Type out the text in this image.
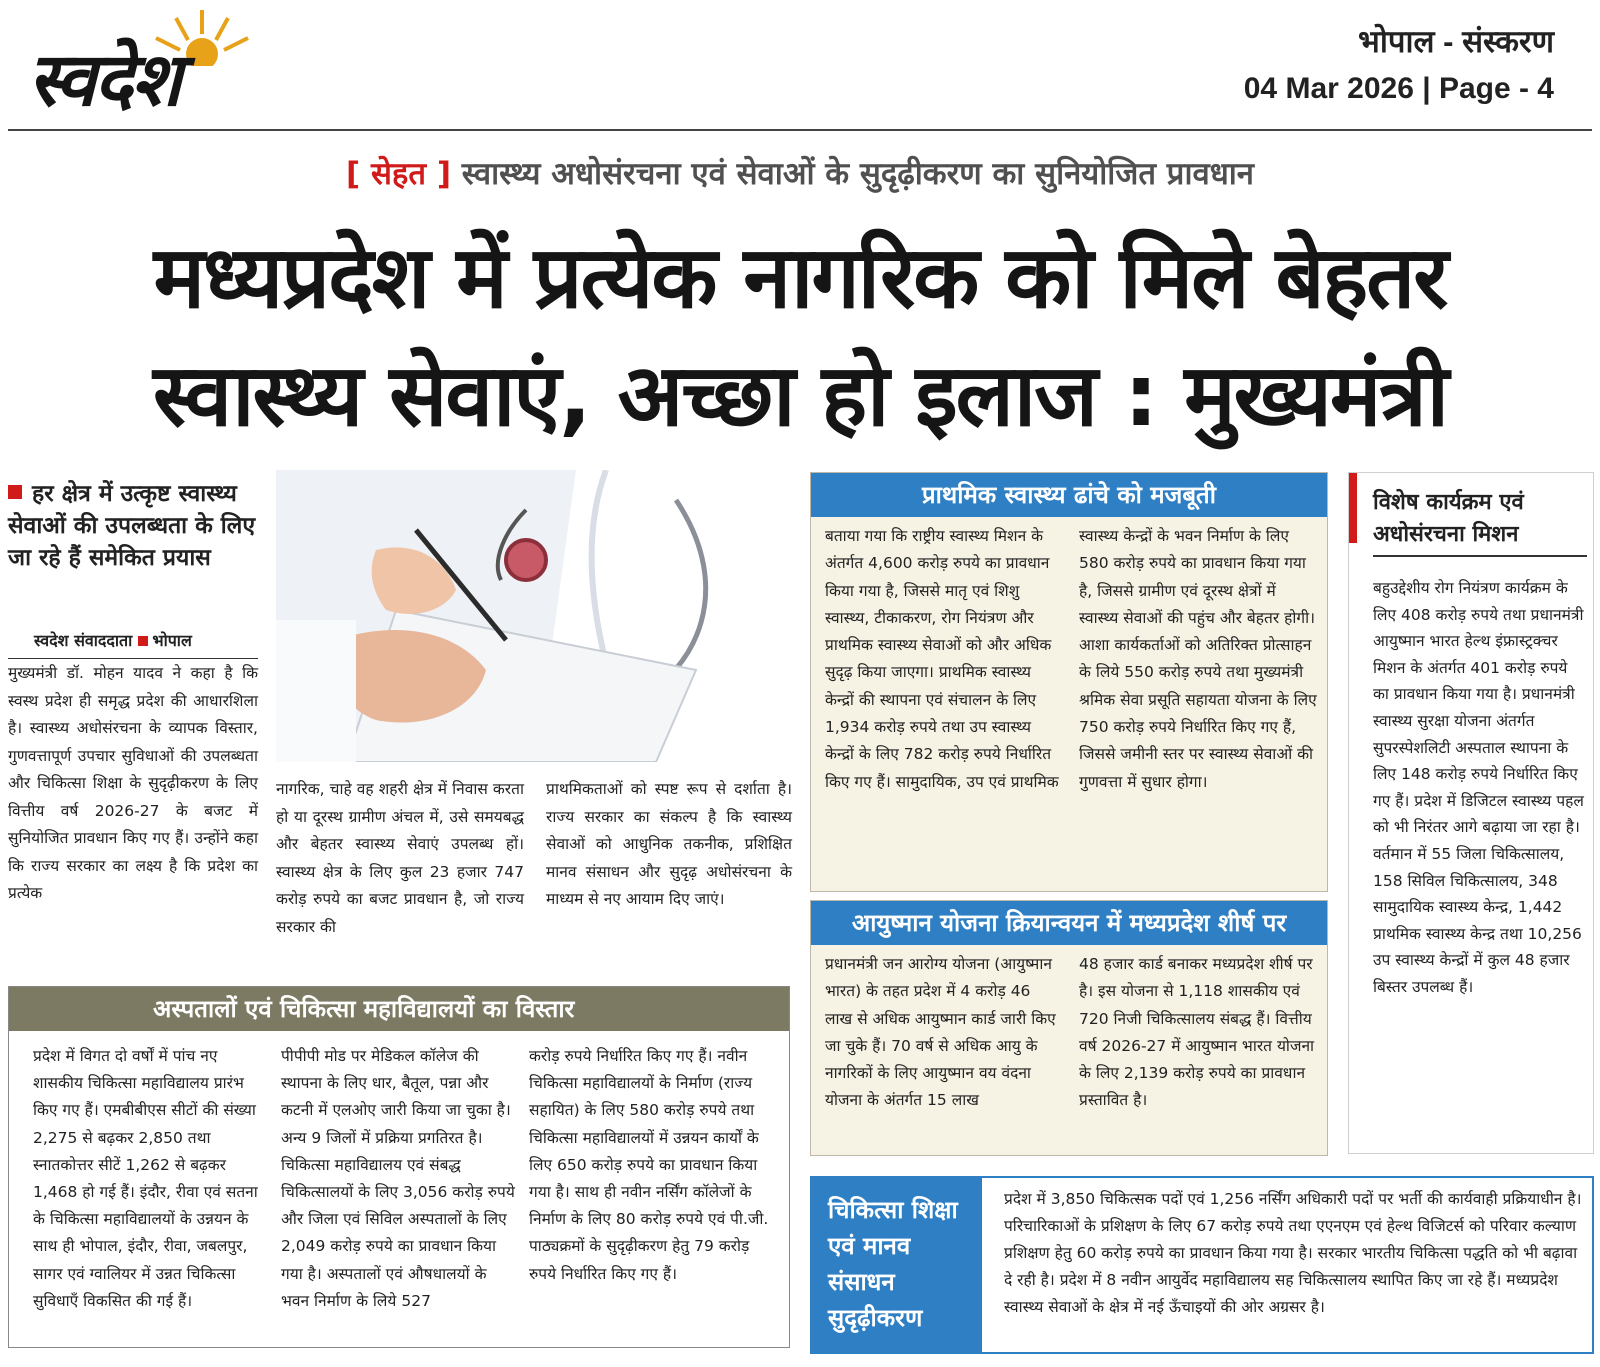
स्वदेश	भोपाल - संस्करण
04 Mar 2026 | Page - 4
[ सेहत ] स्वास्थ्य अधोसंरचना एवं सेवाओं के सुदृढ़ीकरण का सुनियोजित प्रावधान
मध्यप्रदेश में प्रत्येक नागरिक को मिले बेहतर
स्वास्थ्य सेवाएं, अच्छा हो इलाज : मुख्यमंत्री
हर क्षेत्र में उत्कृष्ट स्वास्थ्य सेवाओं की उपलब्धता के लिए जा रहे हैं समेकित प्रयास
स्वदेश संवाददाता भोपाल
मुख्यमंत्री डॉ. मोहन यादव ने कहा है कि स्वस्थ प्रदेश ही समृद्ध प्रदेश की आधारशिला है। स्वास्थ्य अधोसंरचना के व्यापक विस्तार, गुणवत्तापूर्ण उपचार सुविधाओं की उपलब्धता और चिकित्सा शिक्षा के सुदृढ़ीकरण के लिए वित्तीय वर्ष 2026-27 के बजट में सुनियोजित प्रावधान किए गए हैं। उन्होंने कहा कि राज्य सरकार का लक्ष्य है कि प्रदेश का प्रत्येक
नागरिक, चाहे वह शहरी क्षेत्र में निवास करता हो या दूरस्थ ग्रामीण अंचल में, उसे समयबद्ध और बेहतर स्वास्थ्य सेवाएं उपलब्ध हों। स्वास्थ्य क्षेत्र के लिए कुल 23 हजार 747 करोड़ रुपये का बजट प्रावधान है, जो राज्य सरकार की
प्राथमिकताओं को स्पष्ट रूप से दर्शाता है। राज्य सरकार का संकल्प है कि स्वास्थ्य सेवाओं को आधुनिक तकनीक, प्रशिक्षित मानव संसाधन और सुदृढ़ अधोसंरचना के माध्यम से नए आयाम दिए जाएं।
प्राथमिक स्वास्थ्य ढांचे को मजबूती
बताया गया कि राष्ट्रीय स्वास्थ्य मिशन के अंतर्गत 4,600 करोड़ रुपये का प्रावधान किया गया है, जिससे मातृ एवं शिशु स्वास्थ्य, टीकाकरण, रोग नियंत्रण और प्राथमिक स्वास्थ्य सेवाओं को और अधिक सुदृढ़ किया जाएगा। प्राथमिक स्वास्थ्य केन्द्रों की स्थापना एवं संचालन के लिए 1,934 करोड़ रुपये तथा उप स्वास्थ्य केन्द्रों के लिए 782 करोड़ रुपये निर्धारित किए गए हैं। सामुदायिक, उप एवं प्राथमिक
स्वास्थ्य केन्द्रों के भवन निर्माण के लिए 580 करोड़ रुपये का प्रावधान किया गया है, जिससे ग्रामीण एवं दूरस्थ क्षेत्रों में स्वास्थ्य सेवाओं की पहुंच और बेहतर होगी। आशा कार्यकर्ताओं को अतिरिक्त प्रोत्साहन के लिये 550 करोड़ रुपये तथा मुख्यमंत्री श्रमिक सेवा प्रसूति सहायता योजना के लिए 750 करोड़ रुपये निर्धारित किए गए हैं, जिससे जमीनी स्तर पर स्वास्थ्य सेवाओं की गुणवत्ता में सुधार होगा।
आयुष्मान योजना क्रियान्वयन में मध्यप्रदेश शीर्ष पर
प्रधानमंत्री जन आरोग्य योजना (आयुष्मान भारत) के तहत प्रदेश में 4 करोड़ 46 लाख से अधिक आयुष्मान कार्ड जारी किए जा चुके हैं। 70 वर्ष से अधिक आयु के नागरिकों के लिए आयुष्मान वय वंदना योजना के अंतर्गत 15 लाख
48 हजार कार्ड बनाकर मध्यप्रदेश शीर्ष पर है। इस योजना से 1,118 शासकीय एवं 720 निजी चिकित्सालय संबद्ध हैं। वित्तीय वर्ष 2026-27 में आयुष्मान भारत योजना के लिए 2,139 करोड़ रुपये का प्रावधान प्रस्तावित है।
विशेष कार्यक्रम एवं अधोसंरचना मिशन
बहुउद्देशीय रोग नियंत्रण कार्यक्रम के लिए 408 करोड़ रुपये तथा प्रधानमंत्री आयुष्मान भारत हेल्थ इंफ्रास्ट्रक्चर मिशन के अंतर्गत 401 करोड़ रुपये का प्रावधान किया गया है। प्रधानमंत्री स्वास्थ्य सुरक्षा योजना अंतर्गत सुपरस्पेशलिटी अस्पताल स्थापना के लिए 148 करोड़ रुपये निर्धारित किए गए हैं। प्रदेश में डिजिटल स्वास्थ्य पहल को भी निरंतर आगे बढ़ाया जा रहा है। वर्तमान में 55 जिला चिकित्सालय, 158 सिविल चिकित्सालय, 348 सामुदायिक स्वास्थ्य केन्द्र, 1,442 प्राथमिक स्वास्थ्य केन्द्र तथा 10,256 उप स्वास्थ्य केन्द्रों में कुल 48 हजार बिस्तर उपलब्ध हैं।
अस्पतालों एवं चिकित्सा महाविद्यालयों का विस्तार
प्रदेश में विगत दो वर्षों में पांच नए शासकीय चिकित्सा महाविद्यालय प्रारंभ किए गए हैं। एमबीबीएस सीटों की संख्या 2,275 से बढ़कर 2,850 तथा स्नातकोत्तर सीटें 1,262 से बढ़कर 1,468 हो गई हैं। इंदौर, रीवा एवं सतना के चिकित्सा महाविद्यालयों के उन्नयन के साथ ही भोपाल, इंदौर, रीवा, जबलपुर, सागर एवं ग्वालियर में उन्नत चिकित्सा सुविधाएँ विकसित की गई हैं।
पीपीपी मोड पर मेडिकल कॉलेज की स्थापना के लिए धार, बैतूल, पन्ना और कटनी में एलओए जारी किया जा चुका है। अन्य 9 जिलों में प्रक्रिया प्रगतिरत है। चिकित्सा महाविद्यालय एवं संबद्ध चिकित्सालयों के लिए 3,056 करोड़ रुपये और जिला एवं सिविल अस्पतालों के लिए 2,049 करोड़ रुपये का प्रावधान किया गया है। अस्पतालों एवं औषधालयों के भवन निर्माण के लिये 527
करोड़ रुपये निर्धारित किए गए हैं। नवीन चिकित्सा महाविद्यालयों के निर्माण (राज्य सहायित) के लिए 580 करोड़ रुपये तथा चिकित्सा महाविद्यालयों में उन्नयन कार्यों के लिए 650 करोड़ रुपये का प्रावधान किया गया है। साथ ही नवीन नर्सिंग कॉलेजों के निर्माण के लिए 80 करोड़ रुपये एवं पी.जी. पाठ्यक्रमों के सुदृढ़ीकरण हेतु 79 करोड़ रुपये निर्धारित किए गए हैं।
चिकित्सा शिक्षा एवं मानव संसाधन सुदृढ़ीकरण
प्रदेश में 3,850 चिकित्सक पदों एवं 1,256 नर्सिंग अधिकारी पदों पर भर्ती की कार्यवाही प्रक्रियाधीन है। परिचारिकाओं के प्रशिक्षण के लिए 67 करोड़ रुपये तथा एएनएम एवं हेल्थ विजिटर्स को परिवार कल्याण प्रशिक्षण हेतु 60 करोड़ रुपये का प्रावधान किया गया है। सरकार भारतीय चिकित्सा पद्धति को भी बढ़ावा दे रही है। प्रदेश में 8 नवीन आयुर्वेद महाविद्यालय सह चिकित्सालय स्थापित किए जा रहे हैं। मध्यप्रदेश स्वास्थ्य सेवाओं के क्षेत्र में नई ऊँचाइयों की ओर अग्रसर है।
